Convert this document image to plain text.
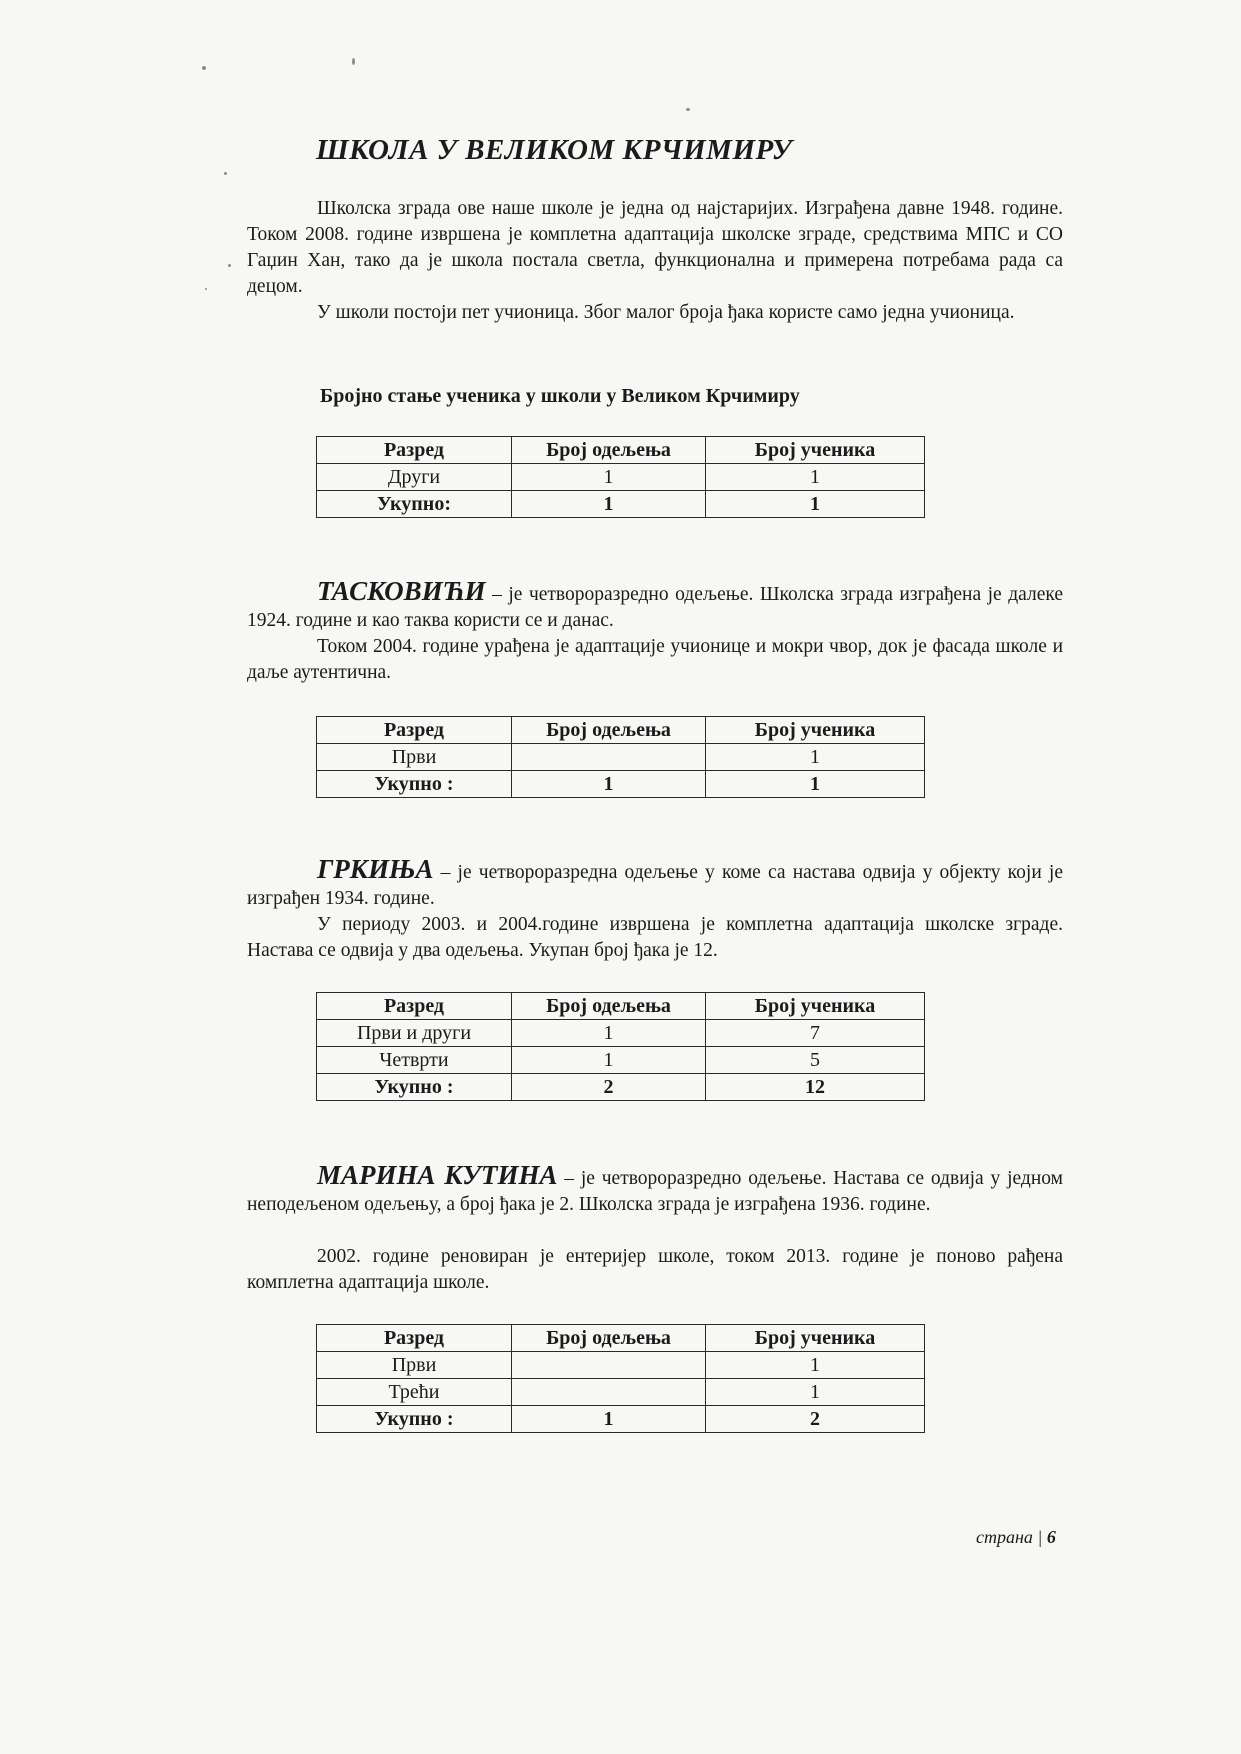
ШКОЛА У ВЕЛИКОМ КРЧИМИРУ
Школска зграда ове наше школе је једна од најстаријих. Изграђена давне 1948. године. Током 2008. године извршена је комплетна адаптација школске зграде, средствима МПС и СО Гаџин Хан, тако да је школа постала светла, функционална и примерена потребама рада са децом.
У школи постоји пет учионица. Због малог броја ђака користе само једна учионица.
Бројно стање ученика у школи у Великом Крчимиру
Разред	Број одељења	Број ученика
Други	1	1
Укупно:	1	1
ТАСКОВИЋИ – је четвороразредно одељење. Школска зграда изграђена је далеке 1924. године и као таква користи се и данас.
Током 2004. године урађена је адаптације учионице и мокри чвор, док је фасада школе и даље аутентична.
Разред	Број одељења	Број ученика
Први		1
Укупно :	1	1
ГРКИЊА – је четвороразредна одељење у коме са настава одвија у објекту који је изграђен 1934. године.
У периоду 2003. и 2004.године извршена је комплетна адаптација школске зграде. Настава се одвија у два одељења. Укупан број ђака је 12.
Разред	Број одељења	Број ученика
Први и други	1	7
Четврти	1	5
Укупно :	2	12
МАРИНА КУТИНА – је четвороразредно одељење. Настава се одвија у једном неподељеном одељењу, а број ђака је 2. Школска зграда је изграђена 1936. године.
2002. године реновиран је ентеријер школе, током 2013. године је поново рађена комплетна адаптација школе.
Разред	Број одељења	Број ученика
Први		1
Трећи		1
Укупно :	1	2
страна | 6
